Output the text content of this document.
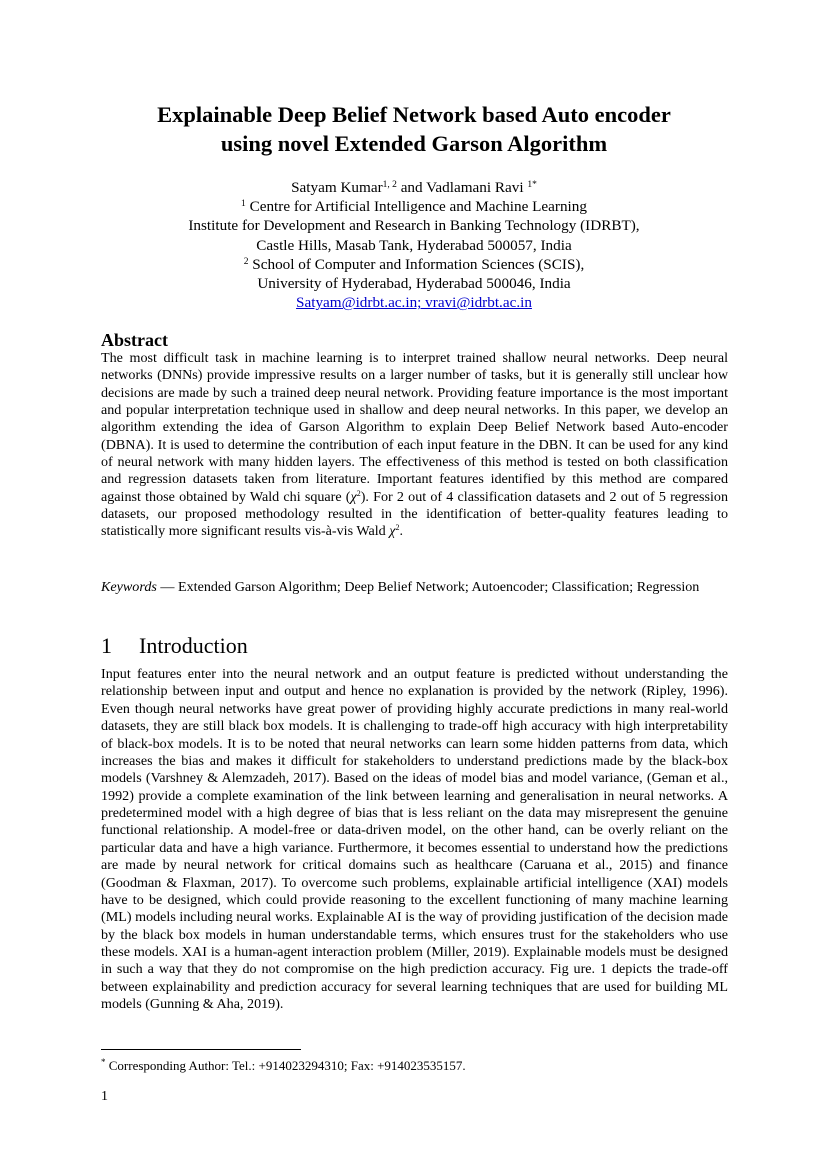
Explainable Deep Belief Network based Auto encoder
using novel Extended Garson Algorithm
Satyam Kumar$^{1, 2}$ and Vadlamani Ravi $^{1*}$
$^1$ Centre for Artificial Intelligence and Machine Learning
Institute for Development and Research in Banking Technology (IDRBT),
Castle Hills, Masab Tank, Hyderabad 500057, India
$^2$ School of Computer and Information Sciences (SCIS),
University of Hyderabad, Hyderabad 500046, India
Satyam@idrbt.ac.in; vravi@idrbt.ac.in
Abstract

The most difficult task in machine learning is to interpret trained shallow neural networks. Deep neural networks (DNNs) provide impressive results on a larger number of tasks, but it is generally still unclear how decisions are made by such a trained deep neural network. Providing feature importance is the most important and popular interpretation technique used in shallow and deep neural networks. In this paper, we develop an algorithm extending the idea of Garson Algorithm to explain Deep Belief Network based Auto-encoder (DBNA). It is used to determine the contribution of each input feature in the DBN. It can be used for any kind of neural network with many hidden layers. The effectiveness of this method is tested on both classification and regression datasets taken from literature. Important features identified by this method are compared against those obtained by Wald chi square $(\chi^2)$. For 2 out of 4 classification datasets and 2 out of 5 regression datasets, our proposed methodology resulted in the identification of better-quality features leading to statistically more significant results vis-à-vis Wald $\chi^2$.

Keywords — Extended Garson Algorithm; Deep Belief Network; Autoencoder; Classification; Regression

1 Introduction

Input features enter into the neural network and an output feature is predicted without understanding the relationship between input and output and hence no explanation is provided by the network (Ripley, 1996). Even though neural networks have great power of providing highly accurate predictions in many real-world datasets, they are still black box models. It is challenging to trade-off high accuracy with high interpretability of black-box models. It is to be noted that neural networks can learn some hidden patterns from data, which increases the bias and makes it difficult for stakeholders to understand predictions made by the black-box models (Varshney & Alemzadeh, 2017). Based on the ideas of model bias and model variance, (Geman et al., 1992) provide a complete examination of the link between learning and generalisation in neural networks. A predetermined model with a high degree of bias that is less reliant on the data may misrepresent the genuine functional relationship. A model-free or data-driven model, on the other hand, can be overly reliant on the particular data and have a high variance. Furthermore, it becomes essential to understand how the predictions are made by neural network for critical domains such as healthcare (Caruana et al., 2015) and finance (Goodman & Flaxman, 2017). To overcome such problems, explainable artificial intelligence (XAI) models have to be designed, which could provide reasoning to the excellent functioning of many machine learning (ML) models including neural works. Explainable AI is the way of providing justification of the decision made by the black box models in human understandable terms, which ensures trust for the stakeholders who use these models. XAI is a human-agent interaction problem (Miller, 2019). Explainable models must be designed in such a way that they do not compromise on the high prediction accuracy. Fig ure. 1 depicts the trade-off between explainability and prediction accuracy for several learning techniques that are used for building ML models (Gunning & Aha, 2019).

* Corresponding Author: Tel.: +914023294310; Fax: +914023535157.
1
